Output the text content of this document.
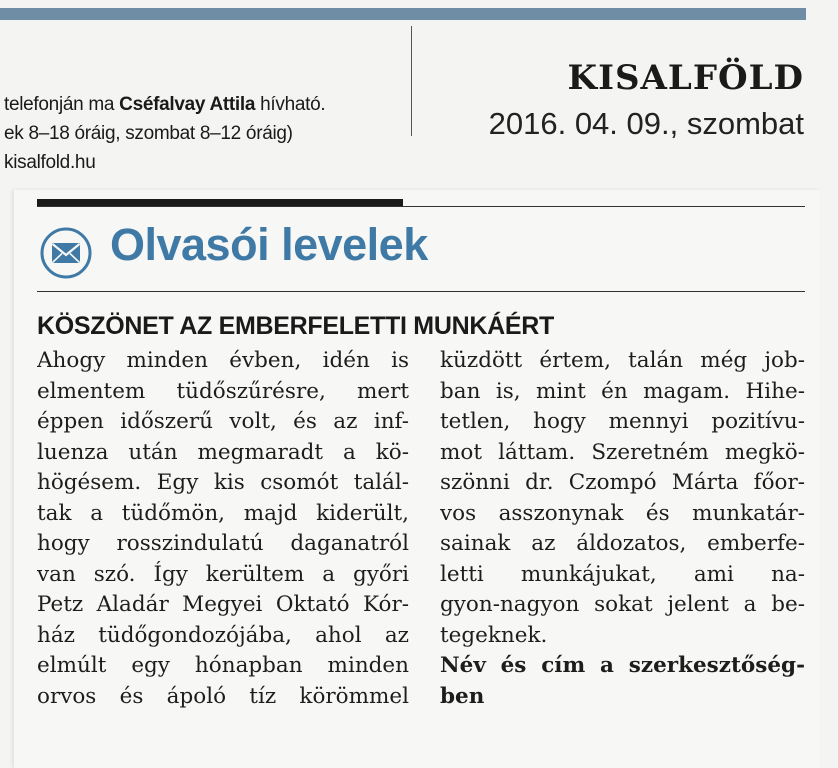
telefonján ma Cséfalvay Attila hívható.
ek 8–18 óráig, szombat 8–12 óráig)
kisalfold.hu
KISALFÖLD
2016. 04. 09., szombat
Olvasói levelek
KÖSZÖNET AZ EMBERFELETTI MUNKÁÉRT
Ahogy minden évben, idén is
elmentem tüdőszűrésre, mert
éppen időszerű volt, és az inf-
luenza után megmaradt a kö-
högésem. Egy kis csomót talál-
tak a tüdőmön, majd kiderült,
hogy rosszindulatú daganatról
van szó. Így kerültem a győri
Petz Aladár Megyei Oktató Kór-
ház tüdőgondozójába, ahol az
elmúlt egy hónapban minden
orvos és ápoló tíz körömmel
küzdött értem, talán még job-
ban is, mint én magam. Hihe-
tetlen, hogy mennyi pozitívu-
mot láttam. Szeretném megkö-
szönni dr. Czompó Márta főor-
vos asszonynak és munkatár-
sainak az áldozatos, emberfe-
letti munkájukat, ami na-
gyon-nagyon sokat jelent a be-
tegeknek.
Név és cím a szerkesztőség-
ben
